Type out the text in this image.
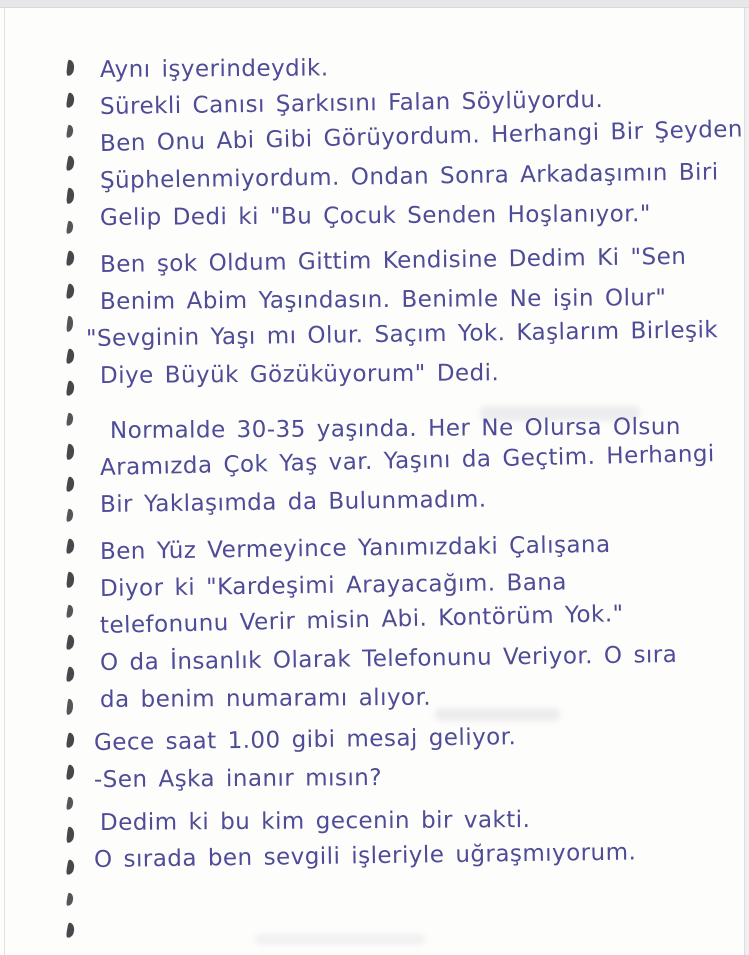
Aynı işyerindeydik.
Sürekli Canısı Şarkısını Falan Söylüyordu.
Ben Onu Abi Gibi Görüyordum. Herhangi Bir Şeyden
Şüphelenmiyordum. Ondan Sonra Arkadaşımın Biri
Gelip Dedi ki "Bu Çocuk Senden Hoşlanıyor."
Ben şok Oldum Gittim Kendisine Dedim Ki "Sen
Benim Abim Yaşındasın. Benimle Ne işin Olur"
"Sevginin Yaşı mı Olur. Saçım Yok. Kaşlarım Birleşik
Diye Büyük Gözüküyorum" Dedi.
Normalde 30-35 yaşında. Her Ne Olursa Olsun
Aramızda Çok Yaş var. Yaşını da Geçtim. Herhangi
Bir Yaklaşımda da Bulunmadım.
Ben Yüz Vermeyince Yanımızdaki Çalışana
Diyor ki "Kardeşimi Arayacağım. Bana
telefonunu Verir misin Abi. Kontörüm Yok."
O da İnsanlık Olarak Telefonunu Veriyor. O sıra
da benim numaramı alıyor.
Gece saat 1.00 gibi mesaj geliyor.
-Sen Aşka inanır mısın?
Dedim ki bu kim gecenin bir vakti.
O sırada ben sevgili işleriyle uğraşmıyorum.
